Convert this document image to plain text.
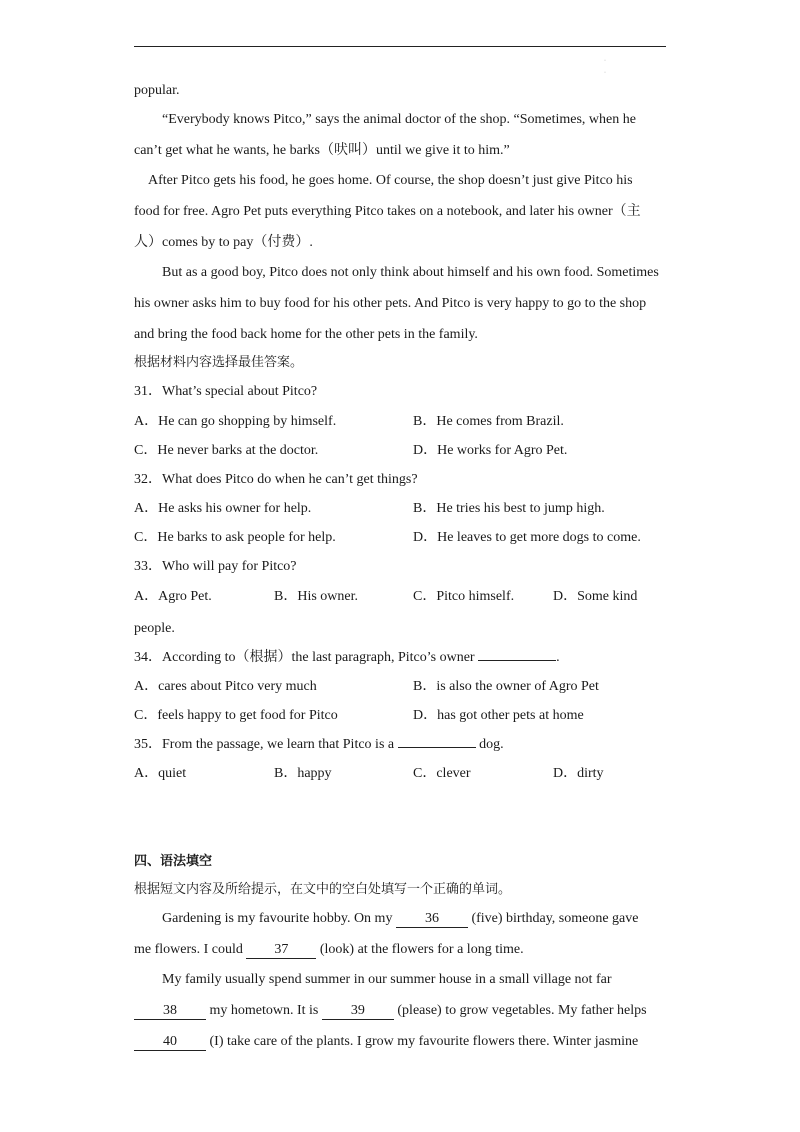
·
·
popular.
“Everybody knows Pitco,” says the animal doctor of the shop. “Sometimes, when he
can’t get what he wants, he barks（吠叫）until we give it to him.”
After Pitco gets his food, he goes home. Of course, the shop doesn’t just give Pitco his
food for free. Agro Pet puts everything Pitco takes on a notebook, and later his owner（主
人）comes by to pay（付费）.
But as a good boy, Pitco does not only think about himself and his own food. Sometimes
his owner asks him to buy food for his other pets. And Pitco is very happy to go to the shop
and bring the food back home for the other pets in the family.
根据材料内容选择最佳答案。
31．What’s special about Pitco?
A．He can go shopping by himself.	B．He comes from Brazil.
C．He never barks at the doctor.	D．He works for Agro Pet.
32．What does Pitco do when he can’t get things?
A．He asks his owner for help.	B．He tries his best to jump high.
C．He barks to ask people for help.	D．He leaves to get more dogs to come.
33．Who will pay for Pitco?
A．Agro Pet.	B．His owner.	C．Pitco himself.	D．Some kind
people.
34．According to（根据）the last paragraph, Pitco’s owner	.
A．cares about Pitco very much	B．is also the owner of Agro Pet
C．feels happy to get food for Pitco	D．has got other pets at home
35．From the passage, we learn that Pitco is a	dog.
A．quiet	B．happy	C．clever	D．dirty
四、语法填空
根据短文内容及所给提示，在文中的空白处填写一个正确的单词。
Gardening is my favourite hobby. On my 36 (five) birthday, someone gave
me flowers. I could 37 (look) at the flowers for a long time.
My family usually spend summer in our summer house in a small village not far
38 my hometown. It is 39 (please) to grow vegetables. My father helps
40 (I) take care of the plants. I grow my favourite flowers there. Winter jasmine
